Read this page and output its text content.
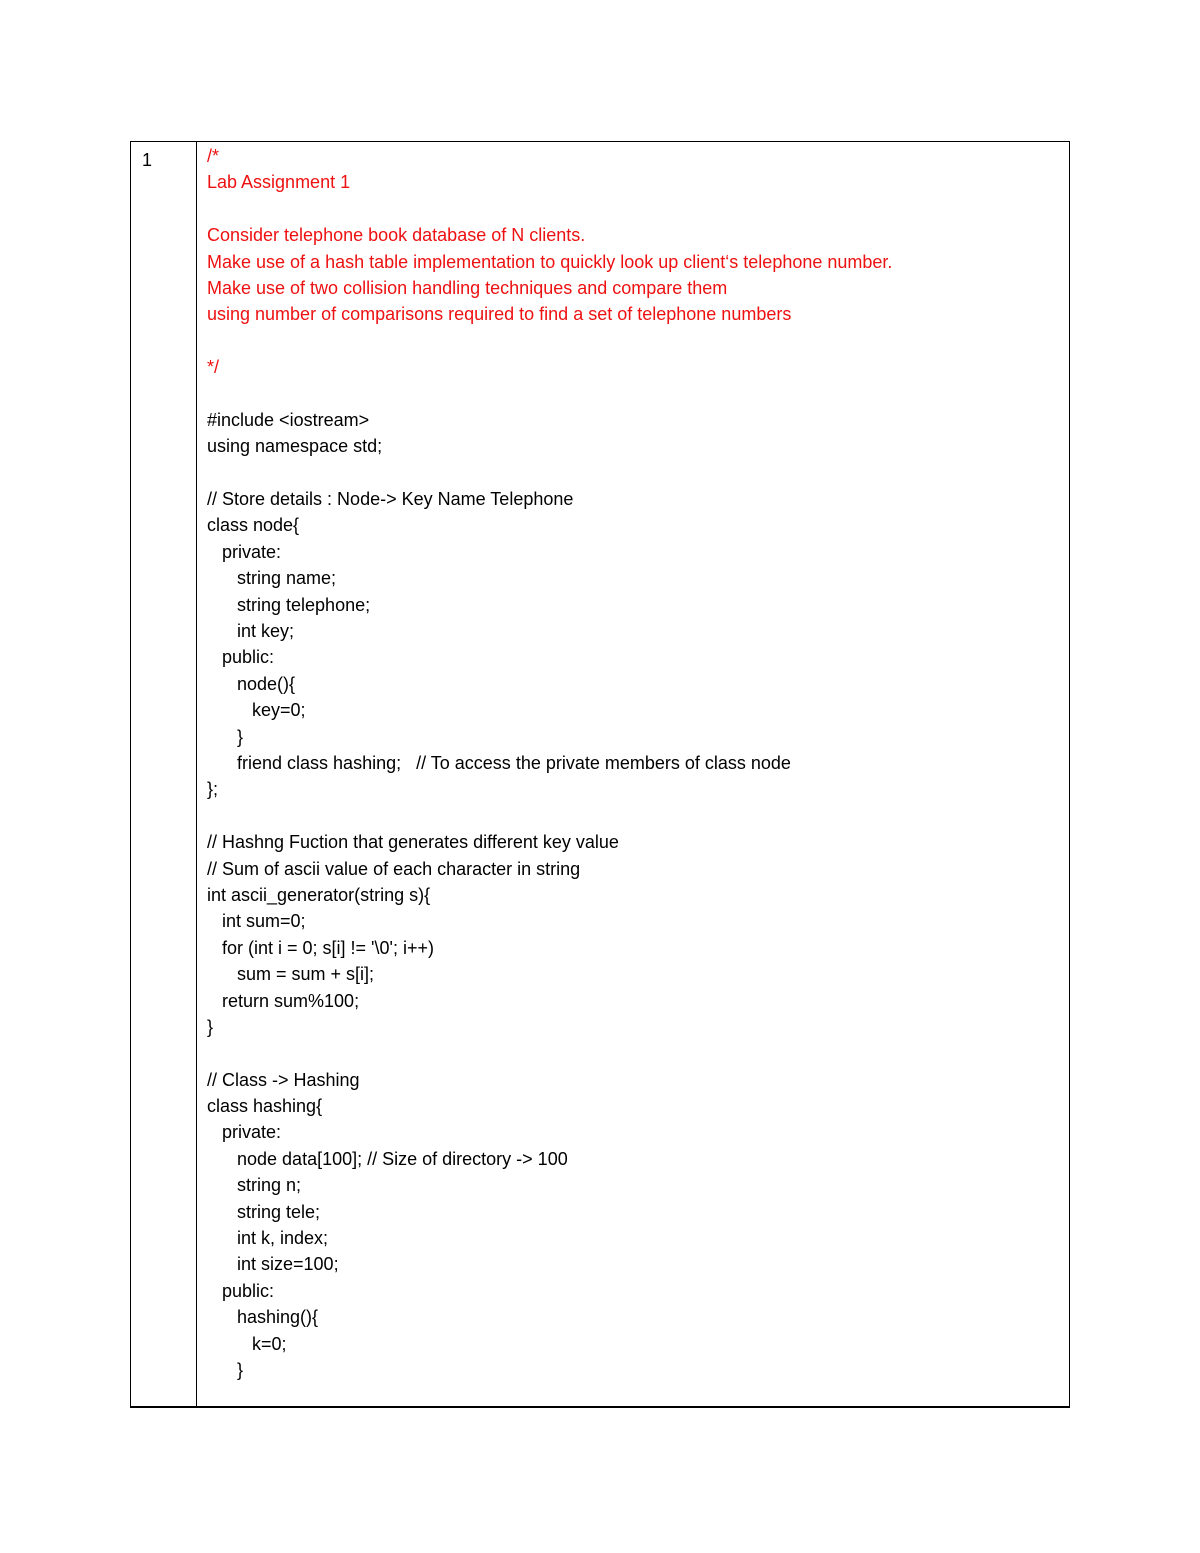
1	/*
Lab Assignment 1
Consider telephone book database of N clients.
Make use of a hash table implementation to quickly look up client‘s telephone number.
Make use of two collision handling techniques and compare them
using number of comparisons required to find a set of telephone numbers
*/
#include <iostream>
using namespace std;
// Store details : Node-> Key Name Telephone
class node{
private:
string name;
string telephone;
int key;
public:
node(){
key=0;
}
friend class hashing;   // To access the private members of class node
};
// Hashng Fuction that generates different key value
// Sum of ascii value of each character in string
int ascii_generator(string s){
int sum=0;
for (int i = 0; s[i] != '\0'; i++)
sum = sum + s[i];
return sum%100;
}
// Class -> Hashing
class hashing{
private:
node data[100]; // Size of directory -> 100
string n;
string tele;
int k, index;
int size=100;
public:
hashing(){
k=0;
}
